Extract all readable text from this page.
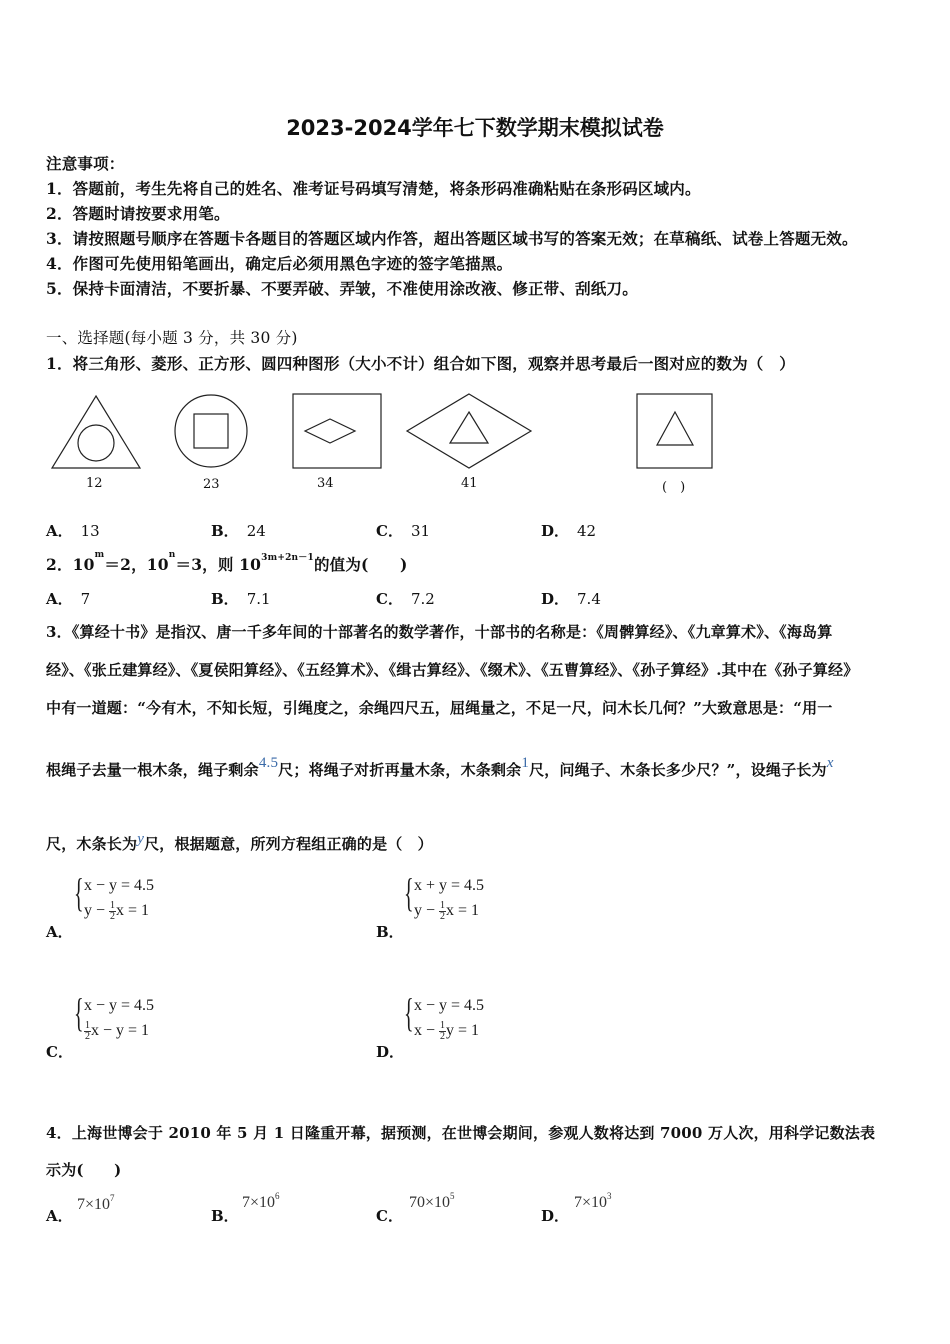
2023-2024学年七下数学期末模拟试卷
注意事项：
1．答题前，考生先将自己的姓名、准考证号码填写清楚，将条形码准确粘贴在条形码区域内。
2．答题时请按要求用笔。
3．请按照题号顺序在答题卡各题目的答题区域内作答，超出答题区域书写的答案无效；在草稿纸、试卷上答题无效。
4．作图可先使用铅笔画出，确定后必须用黑色字迹的签字笔描黑。
5．保持卡面清洁，不要折暴、不要弄破、弄皱，不准使用涂改液、修正带、刮纸刀。
一、选择题(每小题 3 分，共 30 分)
1．将三角形、菱形、正方形、圆四种图形（大小不计）组合如下图，观察并思考最后一图对应的数为（　）
12	23	34	41	(　)
A． 13	B． 24	C． 31	D． 42
2．$10^m=2$，$10^n=3$，则 $10^{3m+2n-1}$的值为(　　)
A． 7	B． 7.1	C． 7.2	D． 7.4
3．《算经十书》是指汉、唐一千多年间的十部著名的数学著作，十部书的名称是：《周髀算经》、《九章算术》、《海岛算
经》、《张丘建算经》、《夏侯阳算经》、《五经算术》、《缉古算经》、《缀术》、《五曹算经》、《孙子算经》.其中在《孙子算经》
中有一道题：“今有木，不知长短，引绳度之，余绳四尺五，屈绳量之，不足一尺，问木长几何？”大致意思是：“用一
根绳子去量一根木条，绳子剩余4.5尺；将绳子对折再量木条，木条剩余1尺，问绳子、木条长多少尺？”，设绳子长为x
尺，木条长为y尺，根据题意，所列方程组正确的是（　）
A．
{ x − y = 4.5
$y - \frac{1}{2}$ x = 1
B．
{ x + y = 4.5
$y - \frac{1}{2}$ x = 1
C．
{ x − y = 4.5
$\frac{1}{2}$ x − y = 1
D．
{ x − y = 4.5
$x - \frac{1}{2}$ y = 1
4．上海世博会于 2010 年 5 月 1 日隆重开幕，据预测，在世博会期间，参观人数将达到 7000 万人次，用科学记数法表
示为(　　)
A．
$7\times 10^7$
B．
$7\times 10^6$
C．
$70\times 10^5$
D．
$7\times 10^3$
